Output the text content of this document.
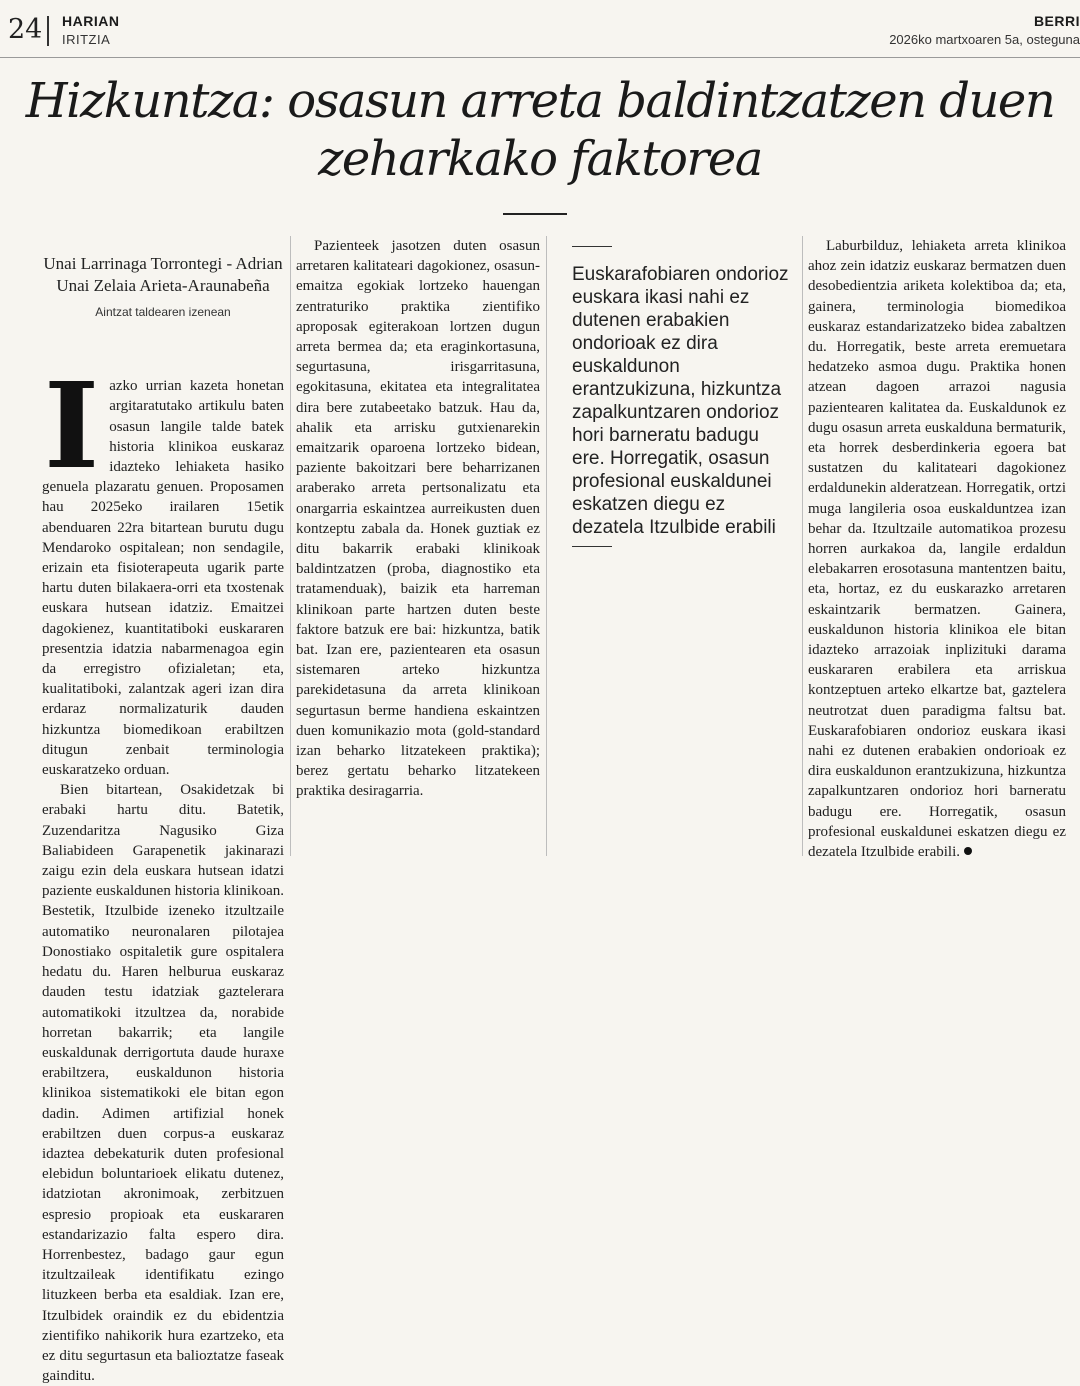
24 HARIAN
IRITZIA
BERRI
2026ko martxoaren 5a, osteguna
Hizkuntza: osasun arreta baldintzatzen duen zeharkako faktorea
Unai Larrinaga Torrontegi - Adrian Unai Zelaia Arieta-Araunabeña
Aintzat taldearen izenean
I azko urrian kazeta honetan argitaratutako artikulu baten osasun langile talde batek historia klinikoa euskaraz idazteko lehiaketa hasiko genuela plazaratu genuen. Proposamen hau 2025eko irailaren 15etik abenduaren 22ra bitartean burutu dugu Mendaroko ospitalean; non sendagile, erizain eta fisioterapeuta ugarik parte hartu duten bilakaera-orri eta txostenak euskara hutsean idatziz. Emaitzei dagokienez, kuantitatiboki euskararen presentzia idatzia nabarmenagoa egin da erregistro ofizialetan; eta, kualitatiboki, zalantzak ageri izan dira erdaraz normalizaturik dauden hizkuntza biomedikoan erabiltzen ditugun zenbait terminologia euskaratzeko orduan.

Bien bitartean, Osakidetzak bi erabaki hartu ditu. Batetik, Zuzendaritza Nagusiko Giza Baliabideen Garapenetik jakinarazi zaigu ezin dela euskara hutsean idatzi paziente euskaldunen historia klinikoan. Bestetik, Itzulbide izeneko itzultzaile automatiko neuronalaren pilotajea Donostiako ospitaletik gure ospitalera hedatu du. Haren helburua euskaraz dauden testu idatziak gaztelerara automatikoki itzultzea da, norabide horretan bakarrik; eta langile euskaldunak derrigortuta daude huraxe erabiltzera, euskaldunon historia klinikoa sistematikoki ele bitan egon dadin. Adimen artifizial honek erabiltzen duen corpus-a euskaraz idaztea debekaturik duten profesional elebidun boluntarioek elikatu dutenez, idatziotan akronimoak, zerbitzuen espresio propioak eta euskararen estandarizazio falta espero dira. Horrenbestez, badago gaur egun itzultzaileak identifikatu ezingo lituzkeen berba eta esaldiak. Izan ere, Itzulbidek oraindik ez du ebidentzia zientifiko nahikorik hura ezartzeko, eta ez ditu segurtasun eta balioztatze faseak gainditu.

Pazienteek jasotzen duten osasun arretaren kalitateari dagokionez, osasun-emaitza egokiak lortzeko hauengan zentraturiko praktika zientifiko aproposak egiterakoan lortzen dugun arreta bermea da; eta eraginkortasuna, segurtasuna, irisgarritasuna, egokitasuna, ekitatea eta integralitatea dira bere zutabeetako batzuk. Hau da, ahalik eta arrisku gutxienarekin emaitzarik oparoena lortzeko bidean, paziente bakoitzari bere beharrizanen araberako arreta pertsonalizatu eta onargarria eskaintzea aurreikusten duen kontzeptu zabala da. Honek guztiak ez ditu bakarrik erabaki klinikoak baldintzatzen (proba, diagnostiko eta tratamenduak), baizik eta harreman klinikoan parte hartzen duten beste faktore batzuk ere bai: hizkuntza, batik bat. Izan ere, pazientearen eta osasun sistemaren arteko hizkuntza parekidetasuna da arreta klinikoan segurtasun berme handiena eskaintzen duen komunikazio mota (gold-standard izan beharko litzatekeen praktika); berez gertatu beharko litzatekeen praktika desiragarria.

Euskarafobiaren ondorioz euskara ikasi nahi ez dutenen erabakien ondorioak ez dira euskaldunon erantzukizuna, hizkuntza zapalkuntzaren ondorioz hori barneratu badugu ere. Horregatik, osasun profesional euskaldunei eskatzen diegu ez dezatela Itzulbide erabili

Laburbilduz, lehiaketa arreta klinikoa ahoz zein idatziz euskaraz bermatzen duen desobedientzia ariketa kolektiboa da; eta, gainera, terminologia biomedikoa euskaraz estandarizatzeko bidea zabaltzen du. Horregatik, beste arreta eremuetara hedatzeko asmoa dugu. Praktika honen atzean dagoen arrazoi nagusia pazientearen kalitatea da. Euskaldunok ez dugu osasun arreta euskalduna bermaturik, eta horrek desberdinkeria egoera bat sustatzen du kalitateari dagokionez erdaldunekin alderatzean. Horregatik, ortzi muga langileria osoa euskalduntzea izan behar da. Itzultzaile automatikoa prozesu horren aurkakoa da, langile erdaldun elebakarren erosotasuna mantentzen baitu, eta, hortaz, ez du euskarazko arretaren eskaintzarik bermatzen. Gainera, euskaldunon historia klinikoa ele bitan idazteko arrazoiak inplizituki darama euskararen erabilera eta arriskua kontzeptuen arteko elkartze bat, gaztelera neutrotzat duen paradigma faltsu bat. Euskarafobiaren ondorioz euskara ikasi nahi ez dutenen erabakien ondorioak ez dira euskaldunon erantzukizuna, hizkuntza zapalkuntzaren ondorioz hori barneratu badugu ere. Horregatik, osasun profesional euskaldunei eskatzen diegu ez dezatela Itzulbide erabili.
